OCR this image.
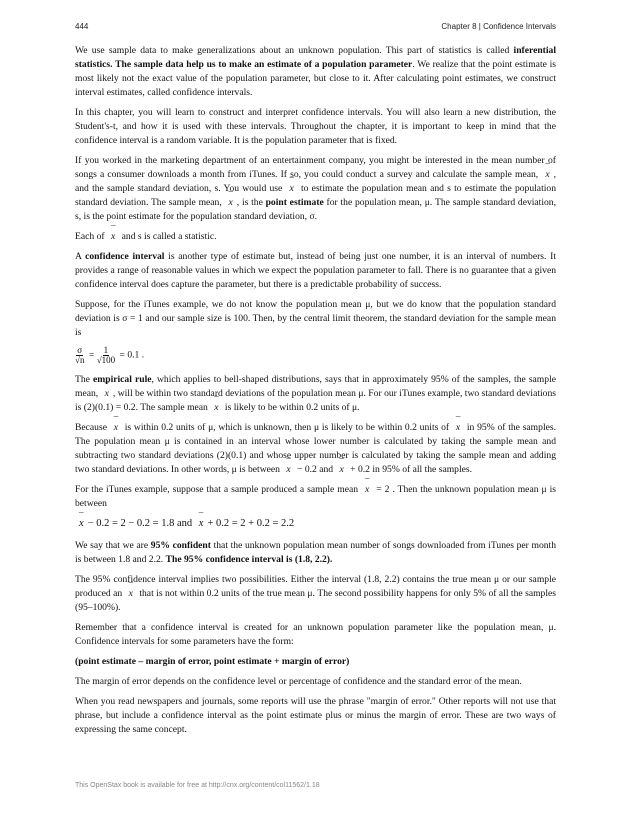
444	Chapter 8 | Confidence Intervals

We use sample data to make generalizations about an unknown population. This part of statistics is called inferential statistics. The sample data help us to make an estimate of a population parameter. We realize that the point estimate is most likely not the exact value of the population parameter, but close to it. After calculating point estimates, we construct interval estimates, called confidence intervals.

In this chapter, you will learn to construct and interpret confidence intervals. You will also learn a new distribution, the Student's-t, and how it is used with these intervals. Throughout the chapter, it is important to keep in mind that the confidence interval is a random variable. It is the population parameter that is fixed.

If you worked in the marketing department of an entertainment company, you might be interested in the mean number of songs a consumer downloads a month from iTunes. If so, you could conduct a survey and calculate the sample mean, ¯ x , and the sample standard deviation, s. You would use ¯ x to estimate the population mean and s to estimate the population standard deviation. The sample mean, ¯ x , is the point estimate for the population mean, μ. The sample standard deviation, s, is the point estimate for the population standard deviation, σ.

Each of ¯ x and s is called a statistic.

A confidence interval is another type of estimate but, instead of being just one number, it is an interval of numbers. It provides a range of reasonable values in which we expect the population parameter to fall. There is no guarantee that a given confidence interval does capture the parameter, but there is a predictable probability of success.

Suppose, for the iTunes example, we do not know the population mean μ, but we do know that the population standard deviation is σ = 1 and our sample size is 100. Then, by the central limit theorem, the standard deviation for the sample mean is

$\frac{\sigma}{√n} = \frac{1}{√100} = 0.1$ .

The empirical rule, which applies to bell-shaped distributions, says that in approximately 95% of the samples, the sample mean, ¯ x , will be within two standard deviations of the population mean μ. For our iTunes example, two standard deviations is (2)(0.1) = 0.2. The sample mean ¯ x is likely to be within 0.2 units of μ.

Because ¯ x is within 0.2 units of μ, which is unknown, then μ is likely to be within 0.2 units of ¯ x in 95% of the samples. The population mean μ is contained in an interval whose lower number is calculated by taking the sample mean and subtracting two standard deviations (2)(0.1) and whose upper number is calculated by taking the sample mean and adding two standard deviations. In other words, μ is between ¯ x − 0.2 and ¯ x + 0.2 in 95% of all the samples.

For the iTunes example, suppose that a sample produced a sample mean ¯ x = 2 . Then the unknown population mean μ is between

¯ x − 0.2 = 2 − 0.2 = 1.8 and ¯ x + 0.2 = 2 + 0.2 = 2.2

We say that we are 95% confident that the unknown population mean number of songs downloaded from iTunes per month is between 1.8 and 2.2. The 95% confidence interval is (1.8, 2.2).

The 95% confidence interval implies two possibilities. Either the interval (1.8, 2.2) contains the true mean μ or our sample produced an ¯ x that is not within 0.2 units of the true mean μ. The second possibility happens for only 5% of all the samples (95–100%).

Remember that a confidence interval is created for an unknown population parameter like the population mean, μ. Confidence intervals for some parameters have the form:

(point estimate – margin of error, point estimate + margin of error)

The margin of error depends on the confidence level or percentage of confidence and the standard error of the mean.

When you read newspapers and journals, some reports will use the phrase "margin of error." Other reports will not use that phrase, but include a confidence interval as the point estimate plus or minus the margin of error. These are two ways of expressing the same concept.

This OpenStax book is available for free at http://cnx.org/content/col11562/1.18
